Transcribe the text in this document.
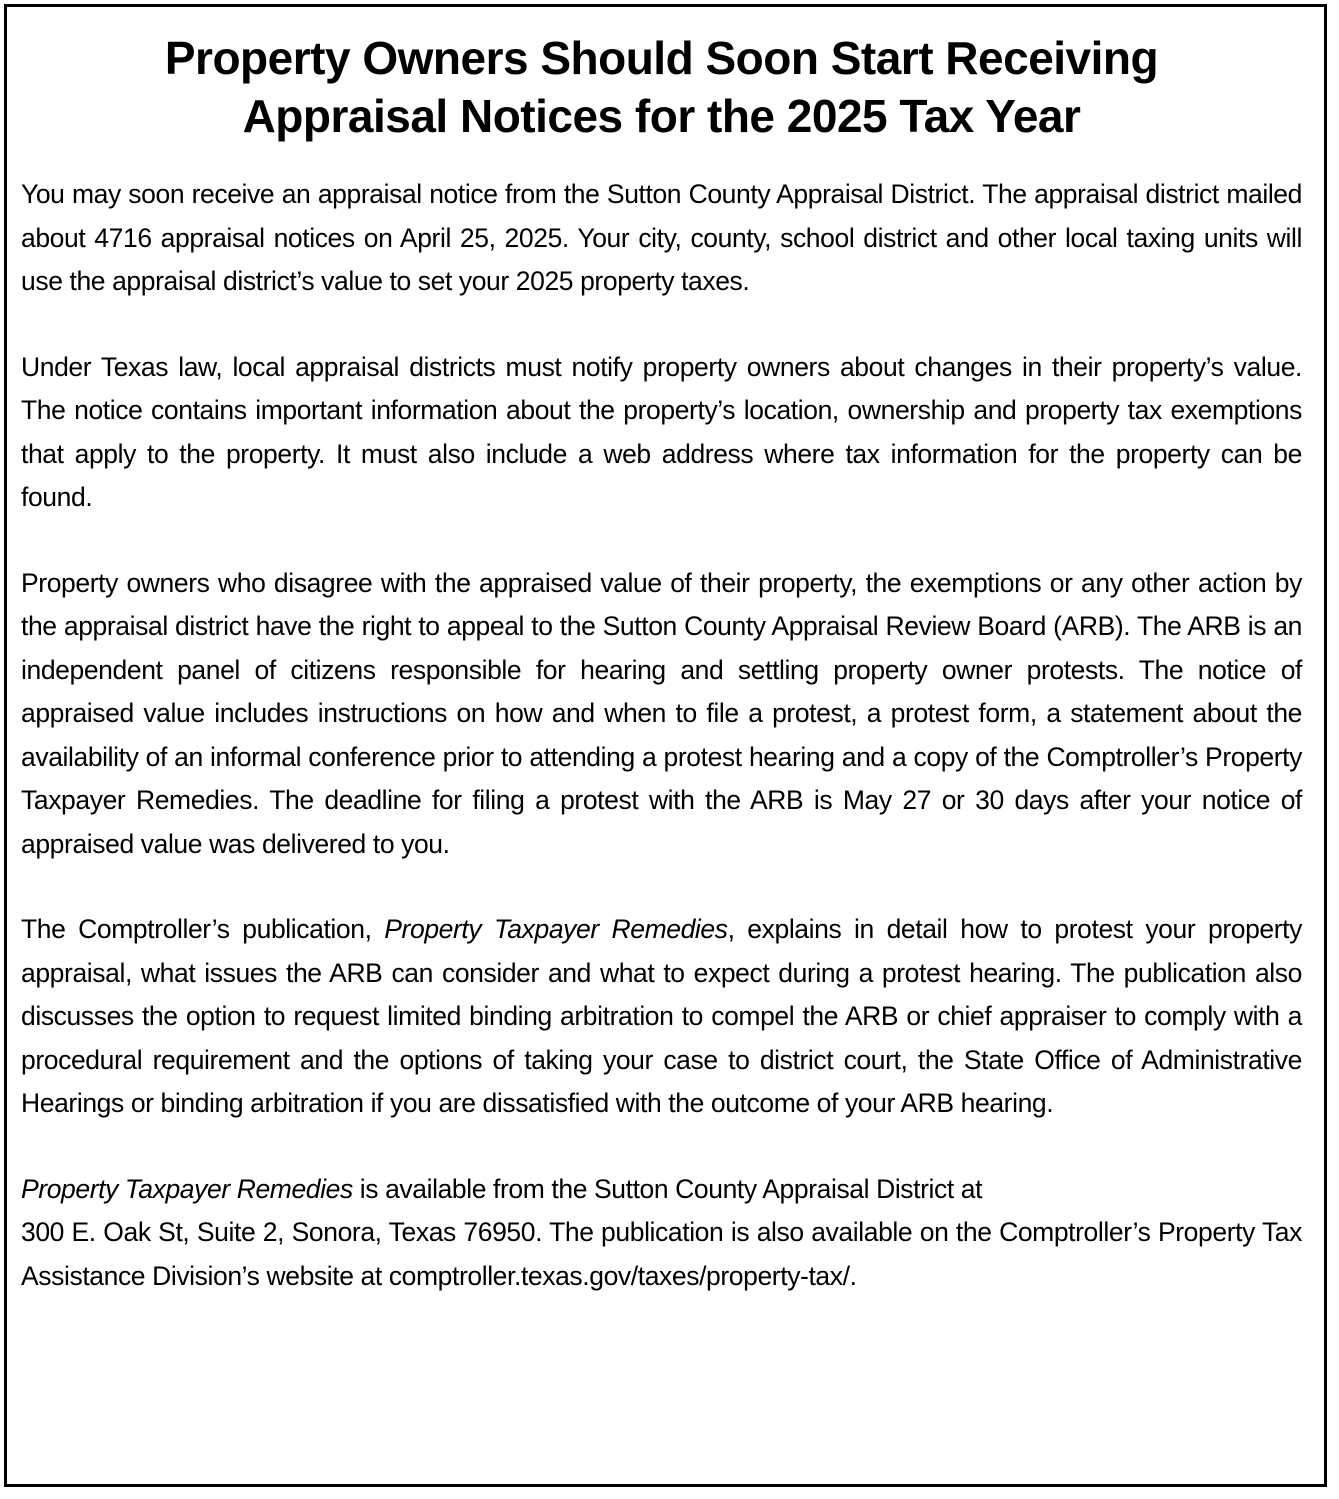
Property Owners Should Soon Start Receiving
Appraisal Notices for the 2025 Tax Year

You may soon receive an appraisal notice from the Sutton County Appraisal District. The appraisal district mailed about 4716 appraisal notices on April 25, 2025. Your city, county, school district and other local taxing units will use the appraisal district’s value to set your 2025 property taxes.

Under Texas law, local appraisal districts must notify property owners about changes in their property’s value. The notice contains important information about the property’s location, ownership and property tax exemptions that apply to the property. It must also include a web address where tax information for the property can be found.

Property owners who disagree with the appraised value of their property, the exemptions or any other action by the appraisal district have the right to appeal to the Sutton County Appraisal Review Board (ARB). The ARB is an independent panel of citizens responsible for hearing and settling property owner protests. The notice of appraised value includes instructions on how and when to file a protest, a protest form, a statement about the availability of an informal conference prior to attending a protest hearing and a copy of the Comptroller’s Property Taxpayer Remedies. The deadline for filing a protest with the ARB is May 27 or 30 days after your notice of appraised value was delivered to you.

The Comptroller’s publication, Property Taxpayer Remedies, explains in detail how to protest your property appraisal, what issues the ARB can consider and what to expect during a protest hearing. The publication also discusses the option to request limited binding arbitration to compel the ARB or chief appraiser to comply with a procedural requirement and the options of taking your case to district court, the State Office of Administrative Hearings or binding arbitration if you are dissatisfied with the outcome of your ARB hearing.

Property Taxpayer Remedies is available from the Sutton County Appraisal District at
300 E. Oak St, Suite 2, Sonora, Texas 76950. The publication is also available on the Comptroller’s Property Tax Assistance Division’s website at comptroller.texas.gov/taxes/property-tax/.
